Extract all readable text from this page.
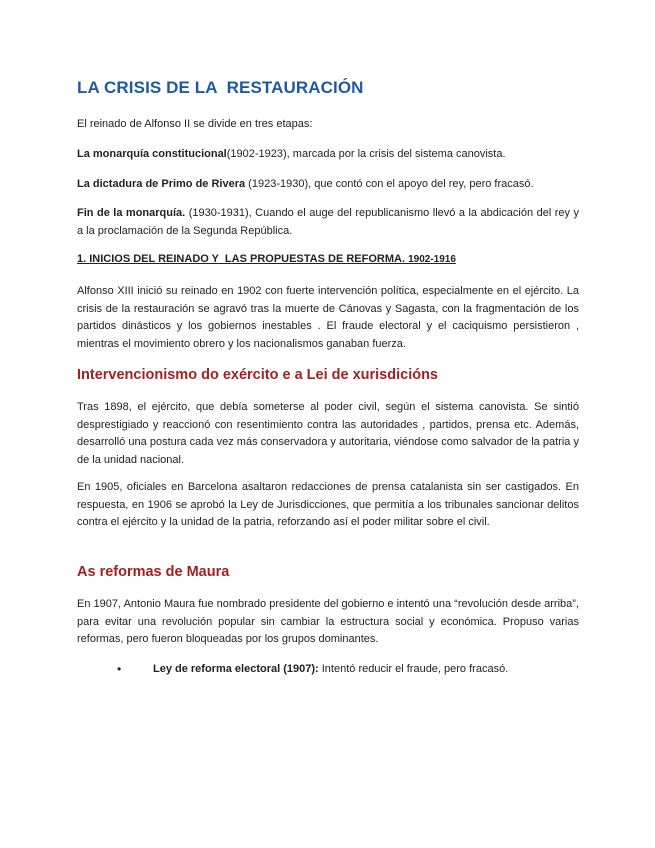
LA CRISIS DE LA  RESTAURACIÓN

El reinado de Alfonso II se divide en tres etapas:

La monarquía constitucional(1902-1923), marcada por la crisis del sistema canovista.

La dictadura de Primo de Rivera (1923-1930), que contó con el apoyo del rey, pero fracasó.

Fin de la monarquía. (1930-1931), Cuando el auge del republicanismo llevó a la abdicación del rey y a la proclamación de la Segunda República.

1. INICIOS DEL REINADO Y  LAS PROPUESTAS DE REFORMA. 1902-1916

Alfonso XIII inició su reinado en 1902 con fuerte intervención política, especialmente en el ejército. La crisis de la restauración se agravó tras la muerte de Cánovas y Sagasta, con la fragmentación de los partidos dinásticos y los gobiernos inestables . El fraude electoral y el caciquismo persistieron , mientras el movimiento obrero y los nacionalismos ganaban fuerza.

Intervencionismo do exército e a Lei de xurisdicións

Tras 1898, el ejército, que debía someterse al poder civil, según el sistema canovista. Se sintió desprestigiado y reaccionó con resentimiento contra las autoridades , partidos, prensa etc. Además, desarrolló una postura cada vez más conservadora y autoritaria, viéndose como salvador de la patria y de la unidad nacional.

En 1905, oficiales en Barcelona asaltaron redacciones de prensa catalanista sin ser castigados. En respuesta, en 1906 se aprobó la Ley de Jurisdicciones, que permitía a los tribunales sancionar delitos contra el ejército y la unidad de la patria, reforzando así el poder militar sobre el civil.

As reformas de Maura

En 1907, Antonio Maura fue nombrado presidente del gobierno e intentó una “revolución desde arriba”, para evitar una revolución popular sin cambiar la estructura social y económica. Propuso varias reformas, pero fueron bloqueadas por los grupos dominantes.

•	Ley de reforma electoral (1907): Intentó reducir el fraude, pero fracasó.
